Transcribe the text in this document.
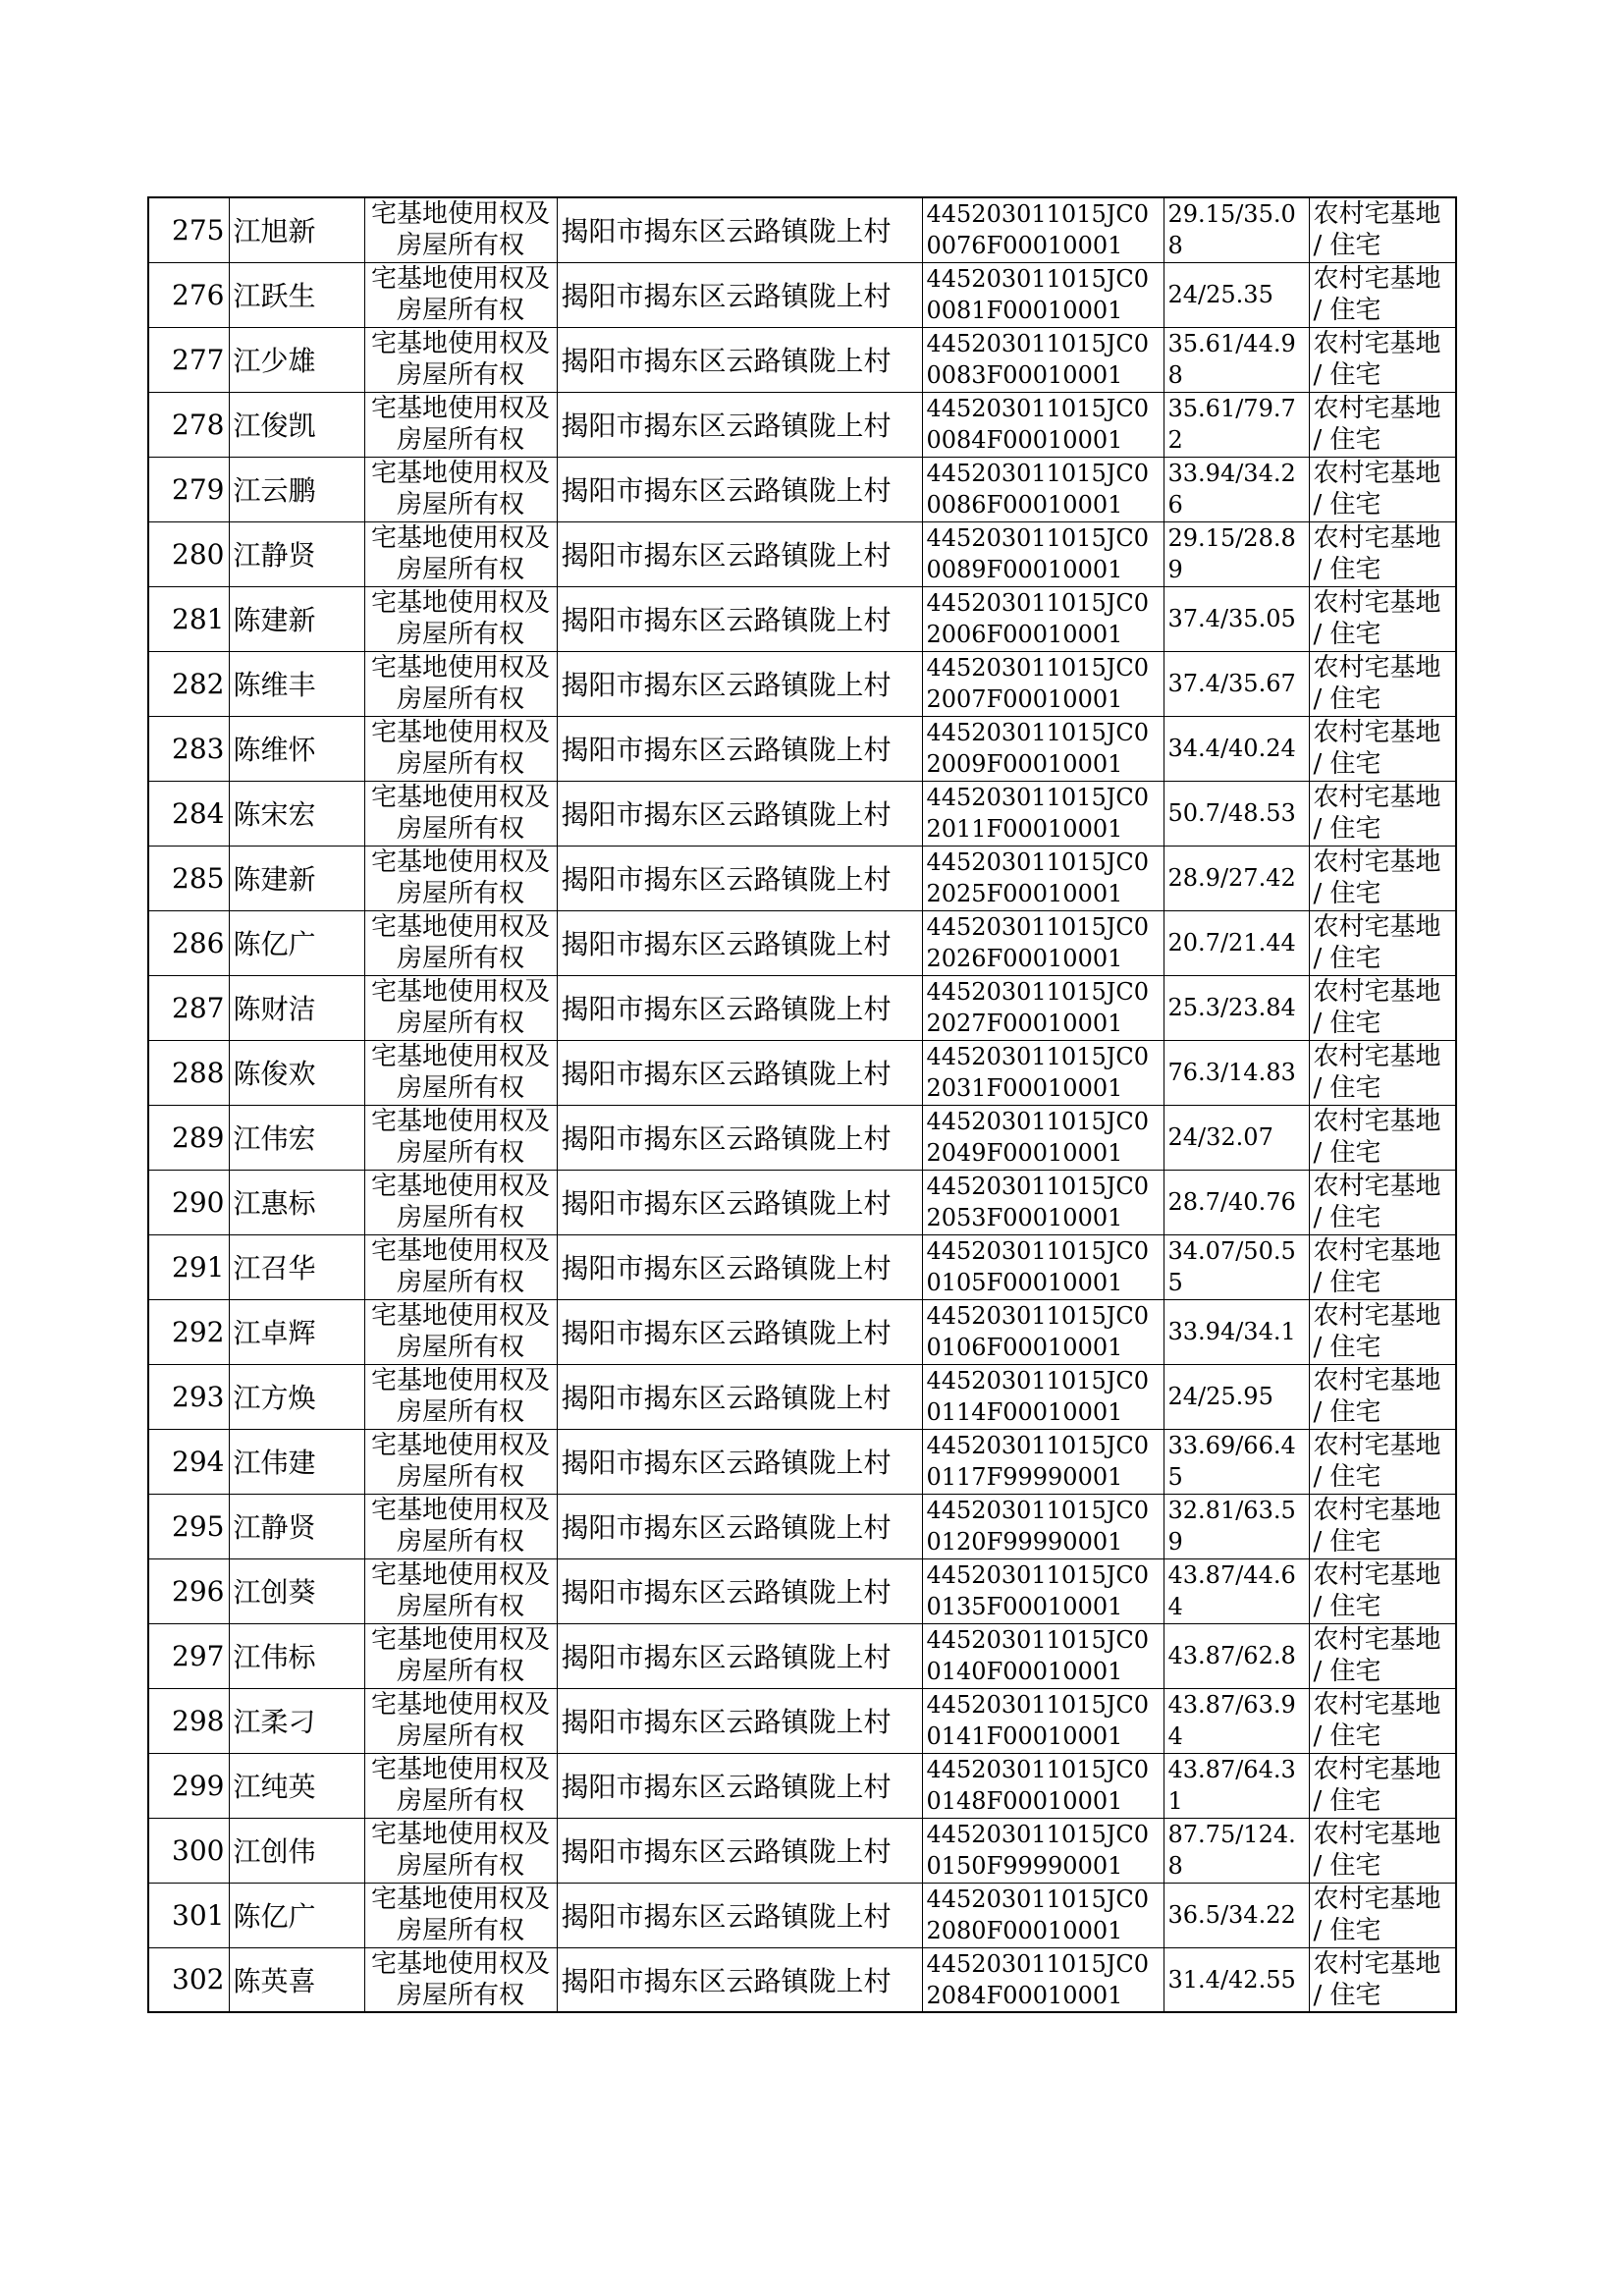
275	江旭新	宅基地使用权及房屋所有权	揭阳市揭东区云路镇陇上村	445203011015JC00076F00010001	29.15/35.08	农村宅基地 / 住宅
276	江跃生	宅基地使用权及房屋所有权	揭阳市揭东区云路镇陇上村	445203011015JC00081F00010001	24/25.35	农村宅基地 / 住宅
277	江少雄	宅基地使用权及房屋所有权	揭阳市揭东区云路镇陇上村	445203011015JC00083F00010001	35.61/44.98	农村宅基地 / 住宅
278	江俊凯	宅基地使用权及房屋所有权	揭阳市揭东区云路镇陇上村	445203011015JC00084F00010001	35.61/79.72	农村宅基地 / 住宅
279	江云鹏	宅基地使用权及房屋所有权	揭阳市揭东区云路镇陇上村	445203011015JC00086F00010001	33.94/34.26	农村宅基地 / 住宅
280	江静贤	宅基地使用权及房屋所有权	揭阳市揭东区云路镇陇上村	445203011015JC00089F00010001	29.15/28.89	农村宅基地 / 住宅
281	陈建新	宅基地使用权及房屋所有权	揭阳市揭东区云路镇陇上村	445203011015JC02006F00010001	37.4/35.05	农村宅基地 / 住宅
282	陈维丰	宅基地使用权及房屋所有权	揭阳市揭东区云路镇陇上村	445203011015JC02007F00010001	37.4/35.67	农村宅基地 / 住宅
283	陈维怀	宅基地使用权及房屋所有权	揭阳市揭东区云路镇陇上村	445203011015JC02009F00010001	34.4/40.24	农村宅基地 / 住宅
284	陈宋宏	宅基地使用权及房屋所有权	揭阳市揭东区云路镇陇上村	445203011015JC02011F00010001	50.7/48.53	农村宅基地 / 住宅
285	陈建新	宅基地使用权及房屋所有权	揭阳市揭东区云路镇陇上村	445203011015JC02025F00010001	28.9/27.42	农村宅基地 / 住宅
286	陈亿广	宅基地使用权及房屋所有权	揭阳市揭东区云路镇陇上村	445203011015JC02026F00010001	20.7/21.44	农村宅基地 / 住宅
287	陈财洁	宅基地使用权及房屋所有权	揭阳市揭东区云路镇陇上村	445203011015JC02027F00010001	25.3/23.84	农村宅基地 / 住宅
288	陈俊欢	宅基地使用权及房屋所有权	揭阳市揭东区云路镇陇上村	445203011015JC02031F00010001	76.3/14.83	农村宅基地 / 住宅
289	江伟宏	宅基地使用权及房屋所有权	揭阳市揭东区云路镇陇上村	445203011015JC02049F00010001	24/32.07	农村宅基地 / 住宅
290	江惠标	宅基地使用权及房屋所有权	揭阳市揭东区云路镇陇上村	445203011015JC02053F00010001	28.7/40.76	农村宅基地 / 住宅
291	江召华	宅基地使用权及房屋所有权	揭阳市揭东区云路镇陇上村	445203011015JC00105F00010001	34.07/50.55	农村宅基地 / 住宅
292	江卓辉	宅基地使用权及房屋所有权	揭阳市揭东区云路镇陇上村	445203011015JC00106F00010001	33.94/34.1	农村宅基地 / 住宅
293	江方焕	宅基地使用权及房屋所有权	揭阳市揭东区云路镇陇上村	445203011015JC00114F00010001	24/25.95	农村宅基地 / 住宅
294	江伟建	宅基地使用权及房屋所有权	揭阳市揭东区云路镇陇上村	445203011015JC00117F99990001	33.69/66.45	农村宅基地 / 住宅
295	江静贤	宅基地使用权及房屋所有权	揭阳市揭东区云路镇陇上村	445203011015JC00120F99990001	32.81/63.59	农村宅基地 / 住宅
296	江创葵	宅基地使用权及房屋所有权	揭阳市揭东区云路镇陇上村	445203011015JC00135F00010001	43.87/44.64	农村宅基地 / 住宅
297	江伟标	宅基地使用权及房屋所有权	揭阳市揭东区云路镇陇上村	445203011015JC00140F00010001	43.87/62.8	农村宅基地 / 住宅
298	江柔刁	宅基地使用权及房屋所有权	揭阳市揭东区云路镇陇上村	445203011015JC00141F00010001	43.87/63.94	农村宅基地 / 住宅
299	江纯英	宅基地使用权及房屋所有权	揭阳市揭东区云路镇陇上村	445203011015JC00148F00010001	43.87/64.31	农村宅基地 / 住宅
300	江创伟	宅基地使用权及房屋所有权	揭阳市揭东区云路镇陇上村	445203011015JC00150F99990001	87.75/124.8	农村宅基地 / 住宅
301	陈亿广	宅基地使用权及房屋所有权	揭阳市揭东区云路镇陇上村	445203011015JC02080F00010001	36.5/34.22	农村宅基地 / 住宅
302	陈英喜	宅基地使用权及房屋所有权	揭阳市揭东区云路镇陇上村	445203011015JC02084F00010001	31.4/42.55	农村宅基地 / 住宅
